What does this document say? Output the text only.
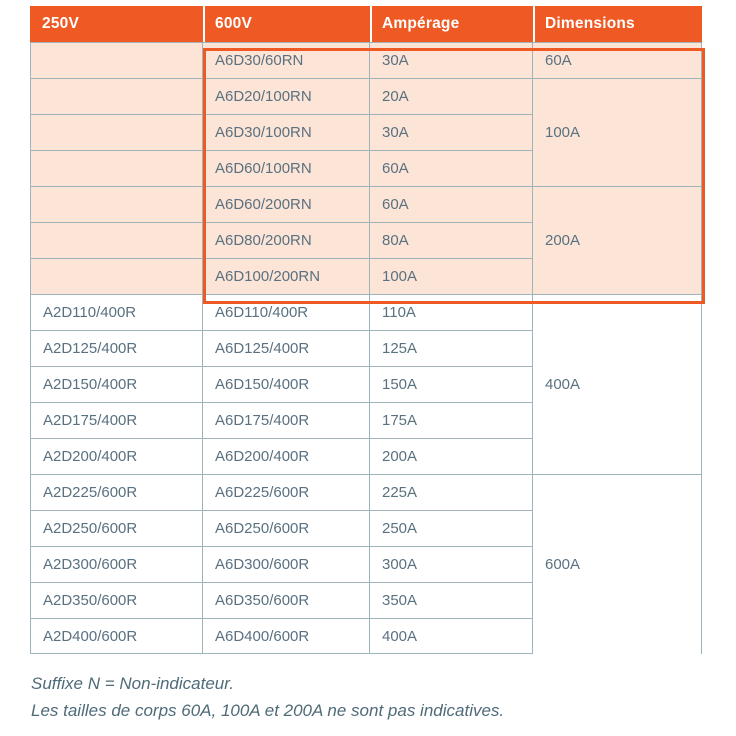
250V	600V	Ampérage	Dimensions
	A6D30/60RN	30A	60A
	A6D20/100RN	20A	100A
	A6D30/100RN	30A	
	A6D60/100RN	60A	
	A6D60/200RN	60A	200A
	A6D80/200RN	80A	
	A6D100/200RN	100A	
A2D110/400R	A6D110/400R	110A	400A
A2D125/400R	A6D125/400R	125A	
A2D150/400R	A6D150/400R	150A	
A2D175/400R	A6D175/400R	175A	
A2D200/400R	A6D200/400R	200A	
A2D225/600R	A6D225/600R	225A	600A
A2D250/600R	A6D250/600R	250A	
A2D300/600R	A6D300/600R	300A	
A2D350/600R	A6D350/600R	350A	
A2D400/600R	A6D400/600R	400A	

Suffixe N = Non-indicateur.

Les tailles de corps 60A, 100A et 200A ne sont pas indicatives.
